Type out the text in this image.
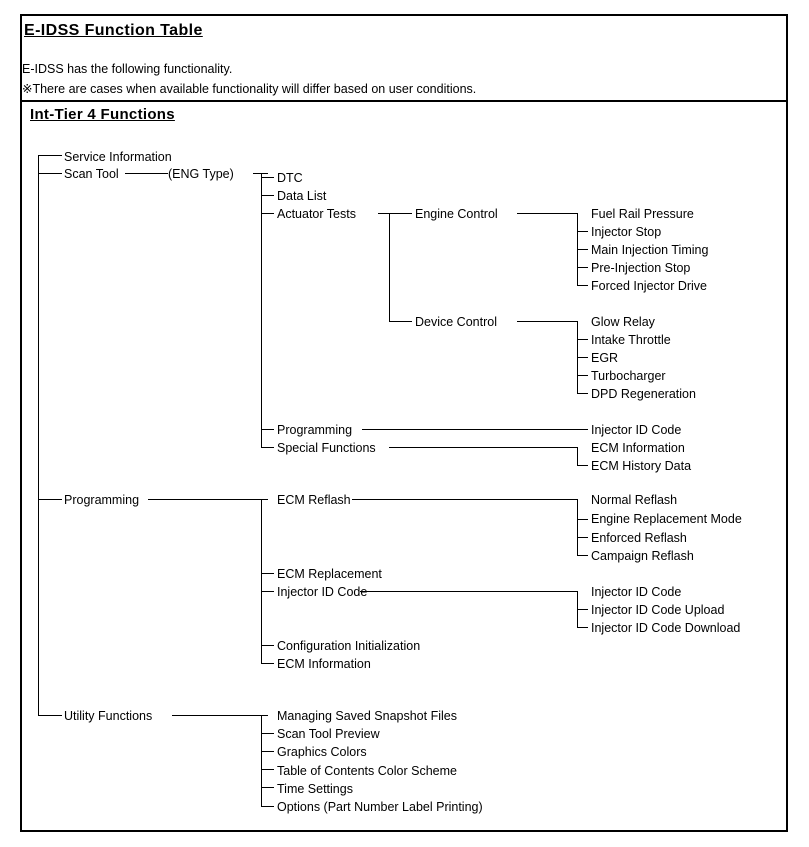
E-IDSS Function Table
E-IDSS has the following functionality.
※There are cases when available functionality will differ based on user conditions.
Int-Tier 4 Functions
Service Information
Scan Tool	(ENG Type)
Programming
Utility Functions
DTC
Data List
Actuator Tests
Programming
Special Functions
Engine Control
Device Control
Fuel Rail Pressure
Injector Stop
Main Injection Timing
Pre-Injection Stop
Forced Injector Drive
Glow Relay
Intake Throttle
EGR
Turbocharger
DPD Regeneration
Injector ID Code
ECM Information
ECM History Data
ECM Reflash
ECM Replacement
Injector ID Code
Configuration Initialization
ECM Information
Normal Reflash
Engine Replacement Mode
Enforced Reflash
Campaign Reflash
Injector ID Code
Injector ID Code Upload
Injector ID Code Download
Managing Saved Snapshot Files
Scan Tool Preview
Graphics Colors
Table of Contents Color Scheme
Time Settings
Options (Part Number Label Printing)
